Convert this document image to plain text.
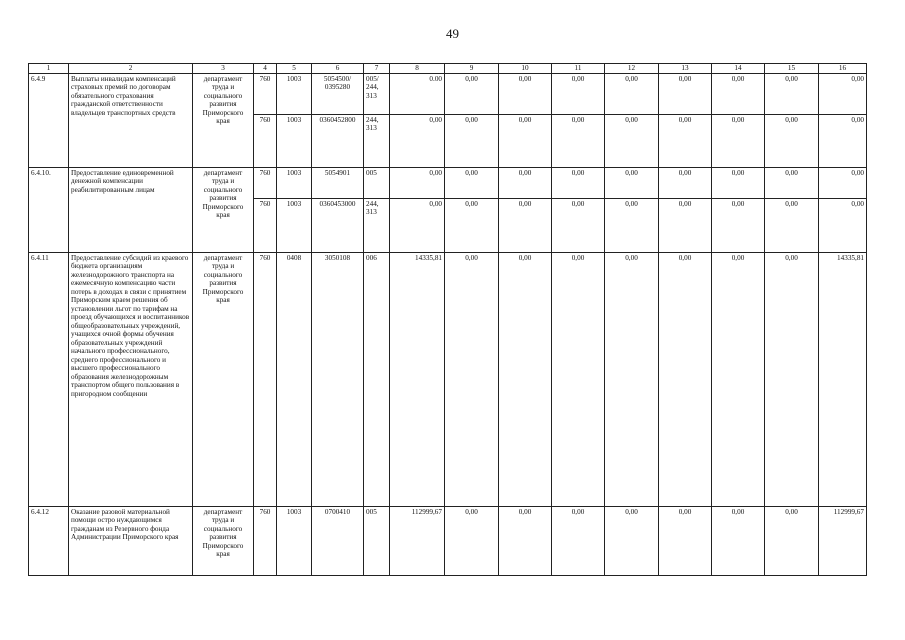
49
1	2	3	4	5	6	7	8	9	10	11	12	13	14	15	16
6.4.9	Выплаты инвалидам компенсаций страховых премий по договорам обязательного страхования гражданской ответственности владельцев транспортных средств	департамент труда и социального развития Приморского края	760	1003	5054500/ 0395280	005/ 244, 313	0.00	0,00	0,00	0,00	0,00	0,00	0,00	0,00	0,00
			760	1003	0360452800	244, 313	0,00	0,00	0,00	0,00	0,00	0,00	0,00	0,00	0,00
6.4.10.	Предоставление единовременной денежной компенсации реабилитированным лицам	департамент труда и социального развития Приморского края	760	1003	5054901	005	0,00	0,00	0,00	0,00	0,00	0,00	0,00	0,00	0,00
			760	1003	0360453000	244, 313	0,00	0,00	0,00	0,00	0,00	0,00	0,00	0,00	0,00
6.4.11	Предоставление субсидий из краевого бюджета организациям железнодорожного транспорта на ежемесячную компенсацию части потерь в доходах в связи с принятием Приморским краем решения об установлении льгот по тарифам на проезд обучающихся и воспитанников общеобразовательных учреждений, учащихся очной формы обучения образовательных учреждений начального профессионального, среднего профессионального и высшего профессионального образования железнодорожным транспортом общего пользования в пригородном сообщении	департамент труда и социального развития Приморского края	760	0408	3050108	006	14335,81	0,00	0,00	0,00	0,00	0,00	0,00	0,00	14335,81
6.4.12	Оказание разовой материальной помощи остро нуждающимся гражданам из Резервного фонда Администрации Приморского края	департамент труда и социального развития Приморского края	760	1003	0700410	005	112999,67	0,00	0,00	0,00	0,00	0,00	0,00	0,00	112999,67
